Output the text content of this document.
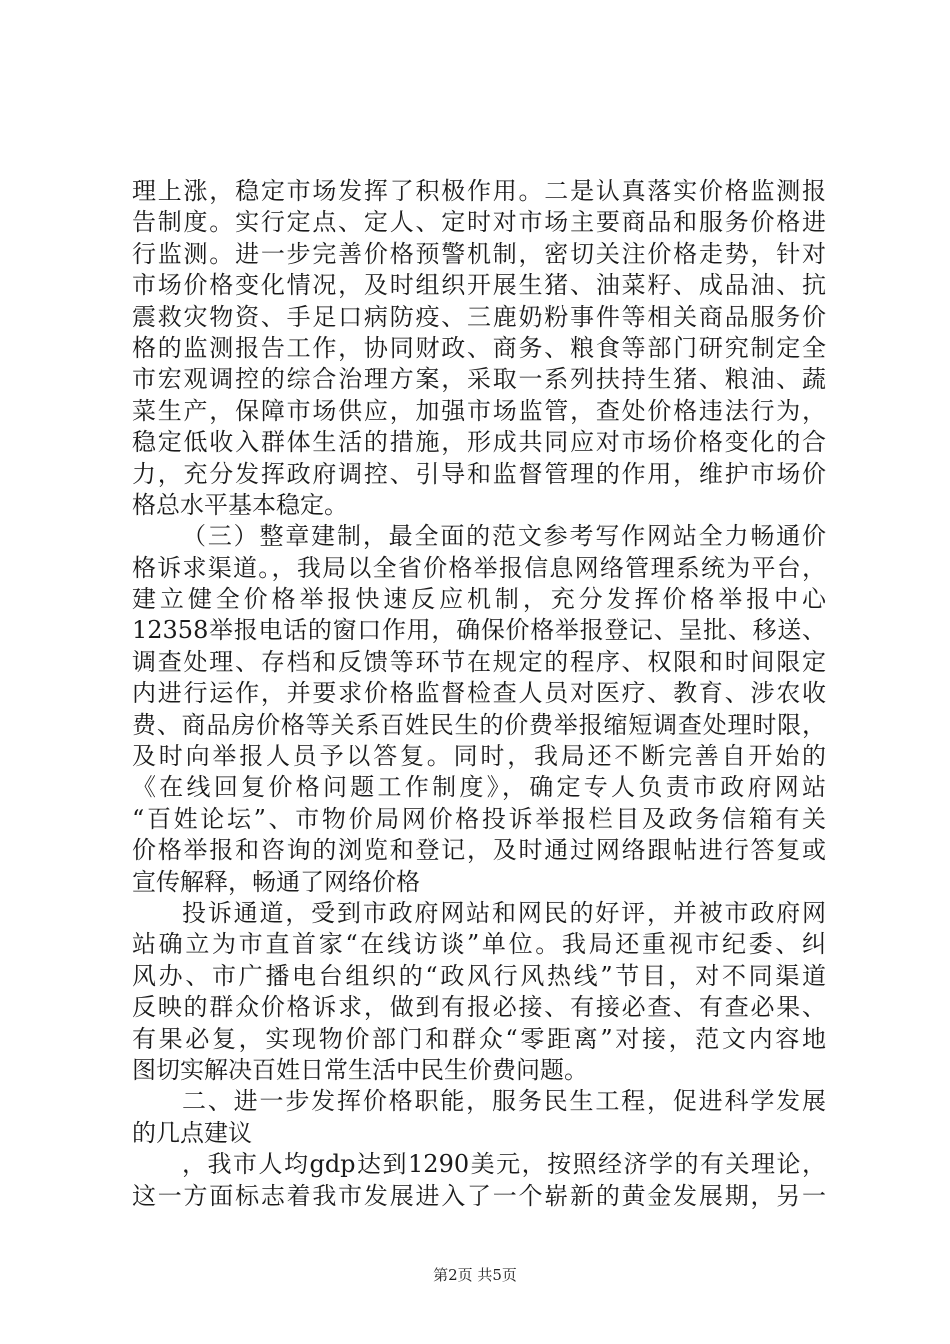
理上涨，稳定市场发挥了积极作用。二是认真落实价格监测报
告制度。实行定点、定人、定时对市场主要商品和服务价格进
行监测。进一步完善价格预警机制，密切关注价格走势，针对
市场价格变化情况，及时组织开展生猪、油菜籽、成品油、抗
震救灾物资、手足口病防疫、三鹿奶粉事件等相关商品服务价
格的监测报告工作，协同财政、商务、粮食等部门研究制定全
市宏观调控的综合治理方案，采取一系列扶持生猪、粮油、蔬
菜生产，保障市场供应，加强市场监管，查处价格违法行为，
稳定低收入群体生活的措施，形成共同应对市场价格变化的合
力，充分发挥政府调控、引导和监督管理的作用，维护市场价
格总水平基本稳定。
（三）整章建制，最全面的范文参考写作网站全力畅通价
格诉求渠道。，我局以全省价格举报信息网络管理系统为平台，
建立健全价格举报快速反应机制，充分发挥价格举报中心
12358举报电话的窗口作用，确保价格举报登记、呈批、移送、
调查处理、存档和反馈等环节在规定的程序、权限和时间限定
内进行运作，并要求价格监督检查人员对医疗、教育、涉农收
费、商品房价格等关系百姓民生的价费举报缩短调查处理时限，
及时向举报人员予以答复。同时，我局还不断完善自开始的
《在线回复价格问题工作制度》，确定专人负责市政府网站
“百姓论坛”、市物价局网价格投诉举报栏目及政务信箱有关
价格举报和咨询的浏览和登记，及时通过网络跟帖进行答复或
宣传解释，畅通了网络价格
投诉通道，受到市政府网站和网民的好评，并被市政府网
站确立为市直首家“在线访谈”单位。我局还重视市纪委、纠
风办、市广播电台组织的“政风行风热线”节目，对不同渠道
反映的群众价格诉求，做到有报必接、有接必查、有查必果、
有果必复，实现物价部门和群众“零距离”对接，范文内容地
图切实解决百姓日常生活中民生价费问题。
二、进一步发挥价格职能，服务民生工程，促进科学发展
的几点建议
，我市人均gdp达到1290美元，按照经济学的有关理论，
这一方面标志着我市发展进入了一个崭新的黄金发展期，另一
第2页 共5页
